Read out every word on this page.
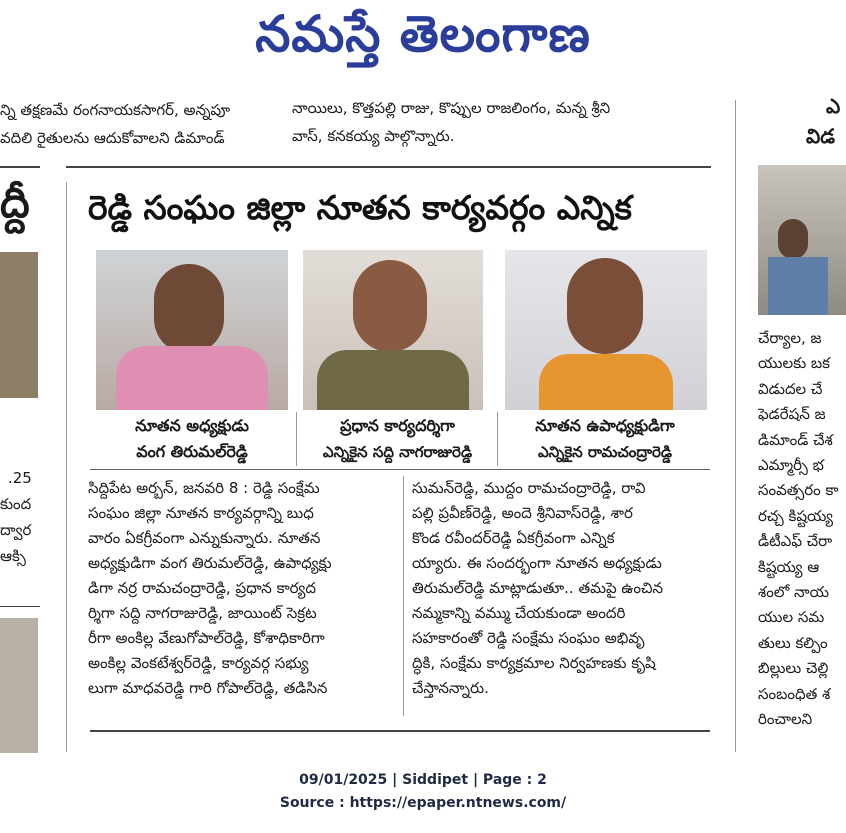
నమస్తే తెలంగాణ
న్ని తక్షణమే రంగనాయకసాగర్, అన్నపూ
వదిలి రైతులను ఆదుకోవాలని డిమాండ్
ద్దీ
.25
కుంద
ద్వార
ఆక్సి
నాయిలు, కొత్తపల్లి రాజు, కొప్పుల రాజలింగం, మన్న శ్రీని
వాస్, కనకయ్య పాల్గొన్నారు.
రెడ్డి సంఘం జిల్లా నూతన కార్యవర్గం ఎన్నిక
నూతన అధ్యక్షుడు
వంగ తిరుమల్‌రెడ్డి
ప్రధాన కార్యదర్శిగా
ఎన్నికైన సద్ది నాగరాజురెడ్డి
నూతన ఉపాధ్యక్షుడిగా
ఎన్నికైన రామచంద్రారెడ్డి
సిద్దిపేట అర్బన్, జనవరి 8 : రెడ్డి సంక్షేమ
సంఘం జిల్లా నూతన కార్యవర్గాన్ని బుధ
వారం ఏకగ్రీవంగా ఎన్నుకున్నారు. నూతన
అధ్యక్షుడిగా వంగ తిరుమల్‌రెడ్డి, ఉపాధ్యక్షు
డిగా నర్ర రామచంద్రారెడ్డి, ప్రధాన కార్యద
ర్శిగా సద్ది నాగరాజురెడ్డి, జాయింట్ సెక్రట
రీగా అంకిల్ల వేణుగోపాల్‌రెడ్డి, కోశాధికారిగా
అంకిల్ల వెంకటేశ్వర్‌రెడ్డి, కార్యవర్గ సభ్యు
లుగా మాధవరెడ్డి గారి గోపాల్‌రెడ్డి, తడిసిన
సుమన్‌రెడ్డి, ముద్దం రామచంద్రారెడ్డి, రావి
పల్లి ప్రవీణ్‌రెడ్డి, అందె శ్రీనివాస్‌రెడ్డి, శార
కొండ రవీందర్‌రెడ్డి ఏకగ్రీవంగా ఎన్నిక
య్యారు. ఈ సందర్భంగా నూతన అధ్యక్షుడు
తిరుమల్‌రెడ్డి మాట్లాడుతూ.. తమపై ఉంచిన
నమ్మకాన్ని వమ్ము చేయకుండా అందరి
సహకారంతో రెడ్డి సంక్షేమ సంఘం అభివృ
ద్ధికి, సంక్షేమ కార్యక్రమాల నిర్వహణకు కృషి
చేస్తానన్నారు.
ఎ
విడ
చేర్యాల, జ
యులకు బక
విడుదల చే
ఫెడరేషన్ జ
డిమాండ్ చేశ
ఎమ్మార్సీ భ
సంవత్సరం కా
రచ్చ కిష్టయ్య
డీటీఎఫ్ చేరా
కిష్టయ్య ఆ
శంలో నాయ
యుల సమ
తులు కల్పిం
బిల్లులు చెల్లి
సంబంధిత శ
రించాలని
09/01/2025 | Siddipet | Page : 2
Source : https://epaper.ntnews.com/
